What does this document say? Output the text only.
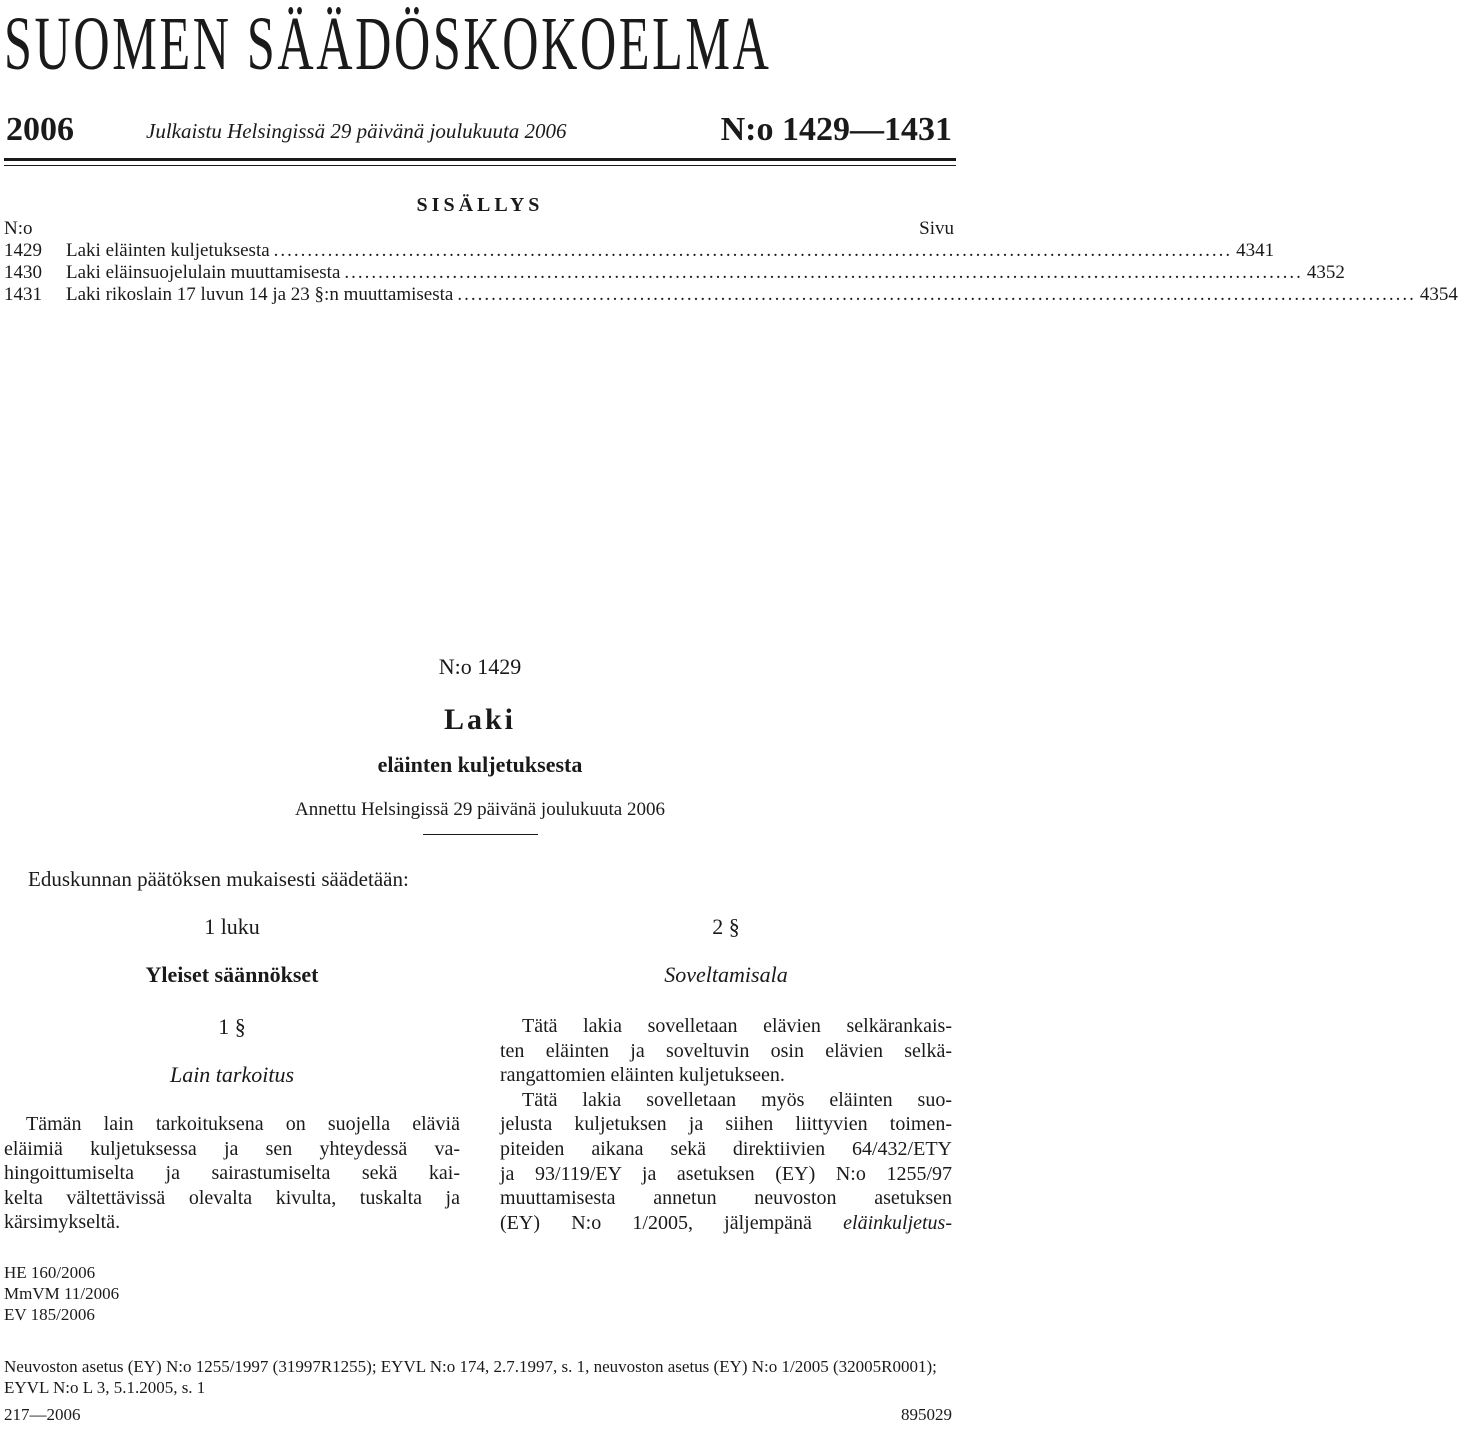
SUOMEN SÄÄDÖSKOKOELMA
2006	Julkaistu Helsingissä 29 päivänä joulukuuta 2006	N:o 1429—1431
SISÄLLYS
N:o	Sivu
1429	Laki eläinten kuljetuksesta .............................................................................................................................................. 4341
1430	Laki eläinsuojelulain muuttamisesta .............................................................................................................................................. 4352
1431	Laki rikoslain 17 luvun 14 ja 23 §:n muuttamisesta .............................................................................................................................................. 4354
N:o 1429
Laki
eläinten kuljetuksesta
Annettu Helsingissä 29 päivänä joulukuuta 2006
Eduskunnan päätöksen mukaisesti säädetään:
1 luku
Yleiset säännökset
1 §
Lain tarkoitus
Tämän lain tarkoituksena on suojella eläviä
eläimiä kuljetuksessa ja sen yhteydessä va-
hingoittumiselta ja sairastumiselta sekä kai-
kelta vältettävissä olevalta kivulta, tuskalta ja
kärsimykseltä.
2 §
Soveltamisala
Tätä lakia sovelletaan elävien selkärankais-
ten eläinten ja soveltuvin osin elävien selkä-
rangattomien eläinten kuljetukseen.
Tätä lakia sovelletaan myös eläinten suo-
jelusta kuljetuksen ja siihen liittyvien toimen-
piteiden aikana sekä direktiivien 64/432/ETY
ja 93/119/EY ja asetuksen (EY) N:o 1255/97
muuttamisesta annetun neuvoston asetuksen
(EY) N:o 1/2005, jäljempänä eläinkuljetus-
HE 160/2006
MmVM 11/2006
EV 185/2006
Neuvoston asetus (EY) N:o 1255/1997 (31997R1255); EYVL N:o 174, 2.7.1997, s. 1, neuvoston asetus (EY) N:o 1/2005 (32005R0001); EYVL N:o L 3, 5.1.2005, s. 1
217—2006	895029
